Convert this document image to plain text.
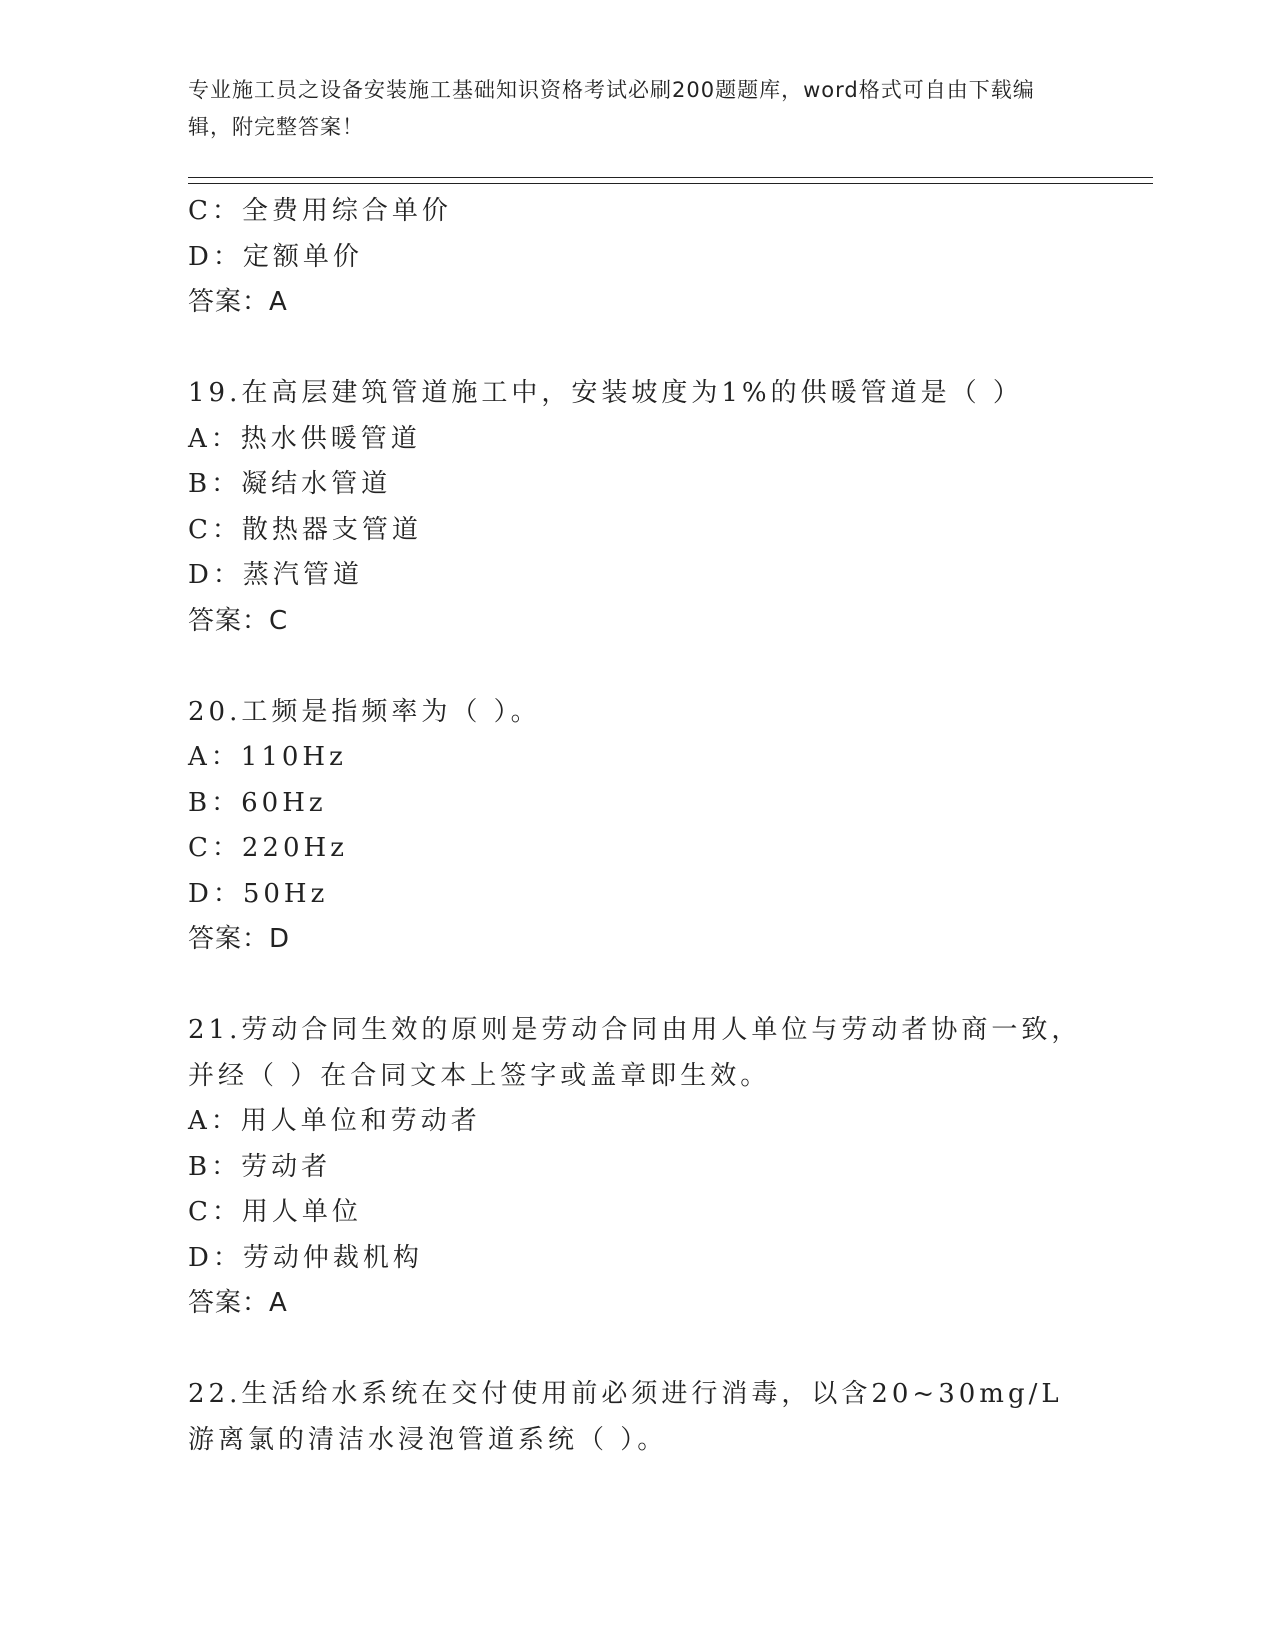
专业施工员之设备安装施工基础知识资格考试必刷200题题库，word格式可自由下载编辑，附完整答案！
C：全费用综合单价
D：定额单价
答案：A
19.在高层建筑管道施工中，安装坡度为1%的供暖管道是（ ）
A：热水供暖管道
B：凝结水管道
C：散热器支管道
D：蒸汽管道
答案：C
20.工频是指频率为（ ）。
A：110Hz
B：60Hz
C：220Hz
D：50Hz
答案：D
21.劳动合同生效的原则是劳动合同由用人单位与劳动者协商一致，并经（ ）在合同文本上签字或盖章即生效。
A：用人单位和劳动者
B：劳动者
C：用人单位
D：劳动仲裁机构
答案：A
22.生活给水系统在交付使用前必须进行消毒，以含20~30mg/L游离氯的清洁水浸泡管道系统（ ）。
